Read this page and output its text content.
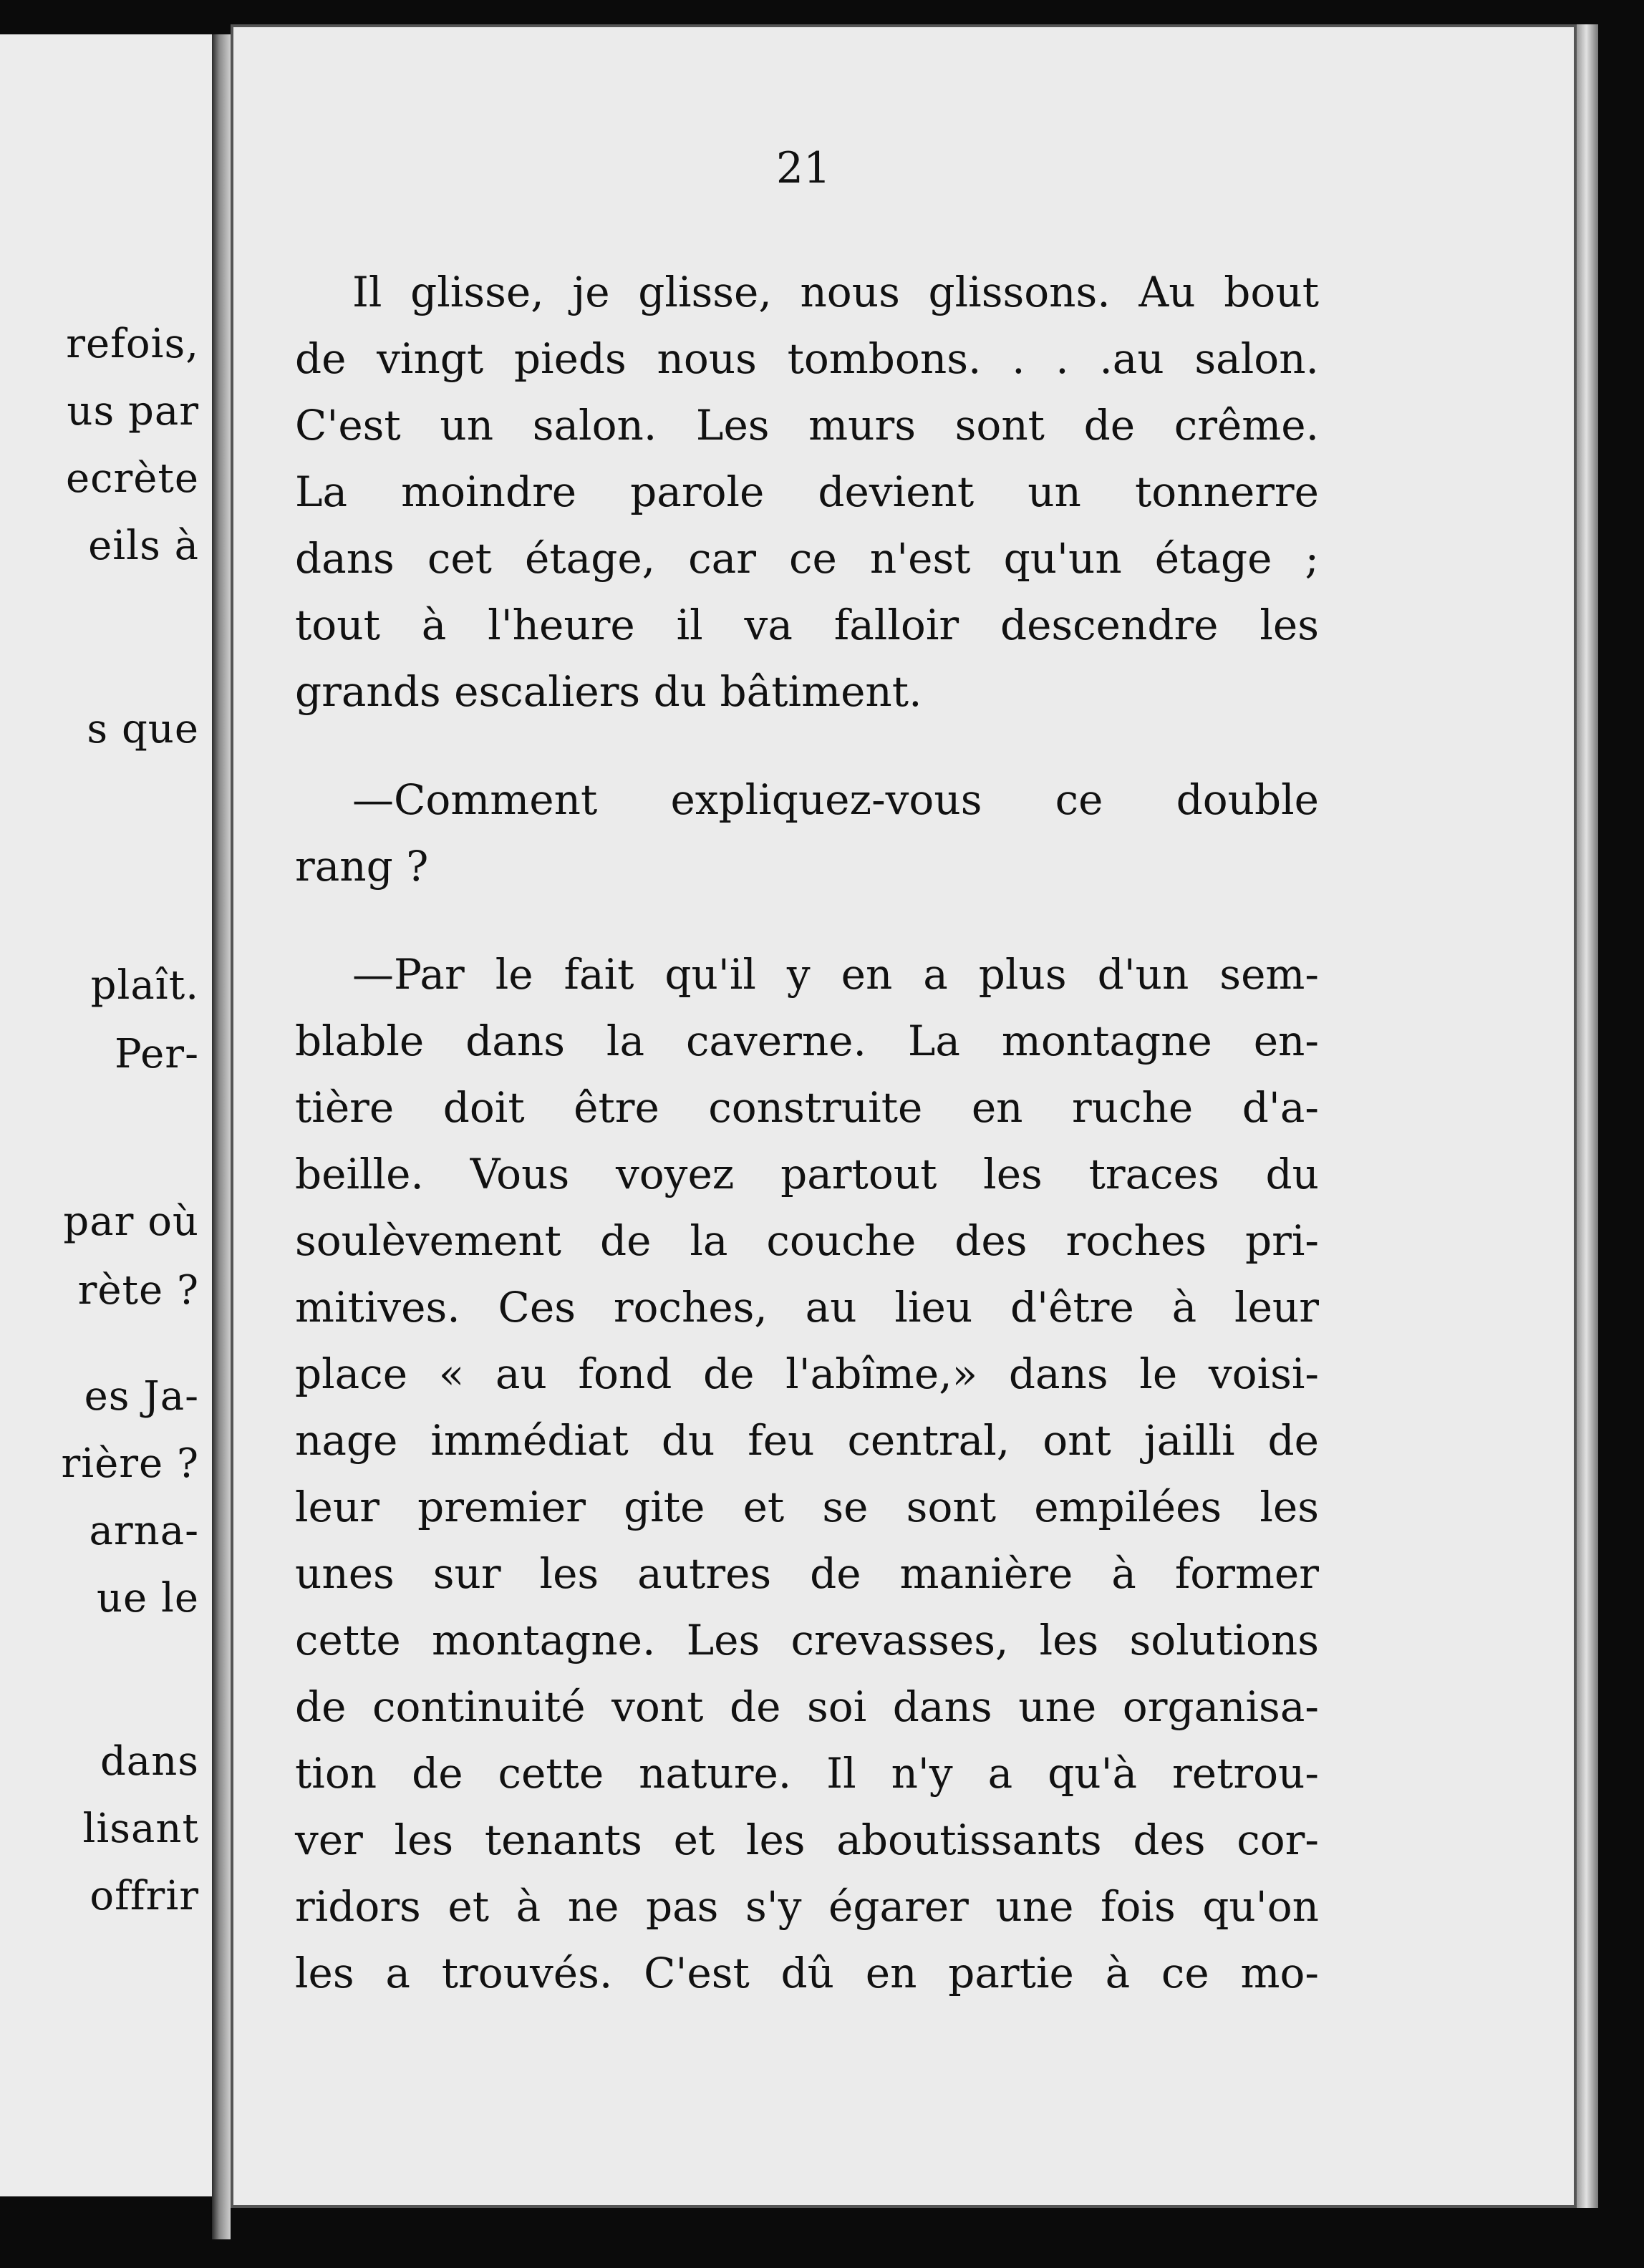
refois,
us par
ecrète
eils à
s que
plaît.
Per-
par où
rète ?
es Ja-
rière ?
arna-
ue le
dans
lisant
offrir
21
Il glisse, je glisse, nous glissons. Au bout
de vingt pieds nous tombons. . . .au salon.
C'est un salon. Les murs sont de crême.
La moindre parole devient un tonnerre
dans cet étage, car ce n'est qu'un étage ;
tout à l'heure il va falloir descendre les
grands escaliers du bâtiment.
—Comment expliquez-vous ce double
rang ?
—Par le fait qu'il y en a plus d'un sem-
blable dans la caverne. La montagne en-
tière doit être construite en ruche d'a-
beille. Vous voyez partout les traces du
soulèvement de la couche des roches pri-
mitives. Ces roches, au lieu d'être à leur
place « au fond de l'abîme,» dans le voisi-
nage immédiat du feu central, ont jailli de
leur premier gite et se sont empilées les
unes sur les autres de manière à former
cette montagne. Les crevasses, les solutions
de continuité vont de soi dans une organisa-
tion de cette nature. Il n'y a qu'à retrou-
ver les tenants et les aboutissants des cor-
ridors et à ne pas s'y égarer une fois qu'on
les a trouvés. C'est dû en partie à ce mo-
